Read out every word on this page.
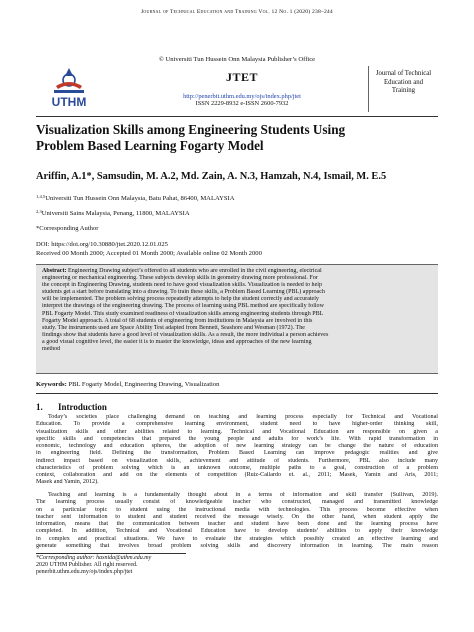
Journal of Technical Education and Training Vol. 12 No. 1 (2020) 238–244
© Universiti Tun Hussein Onn Malaysia Publisher’s Office
UTHM
JTET
http://penerbit.uthm.edu.my/ojs/index.php/jtet
ISSN 2229-8932 e-ISSN 2600-7932
Journal of Technical
Education and
Training
Visualization Skills among Engineering Students Using
Problem Based Learning Fogarty Model
Ariffin, A.1*, Samsudin, M. A.2, Md. Zain, A. N.3, Hamzah, N.4, Ismail, M. E.5
$^{1,4,5}$Universiti Tun Hussein Onn Malaysia, Batu Pahat, 86400, MALAYSIA
$^{2,3}$Universiti Sains Malaysia, Penang, 11800, MALAYSIA
*Corresponding Author
DOI: https://doi.org/10.30880/jtet.2020.12.01.025
Received 00 Month 2000; Accepted 01 Month 2000; Available online 02 Month 2000
Abstract: Engineering Drawing subject’s offered to all students who are enrolled in the civil engineering, electrical
engineering or mechanical engineering. These subjects develop skills in geometry drawing more professional. For
the concept in Engineering Drawing, students need to have good visualization skills. Visualization is needed to help
students get a start before translating into a drawing. To train these skills, a Problem Based Learning (PBL) approach
will be implemented. The problem solving process repeatedly attempts to help the student correctly and accurately
interpret the drawings of the engineering drawing. The process of learning using PBL method are specifically follow
PBL Fogarty Model. This study examined readiness of visualization skills among engineering students through PBL
Fogarty Model approach. A total of 68 students of engineering from institutions in Malaysia are involved in this
study. The instruments used are Space Ability Test adapted from Bennett, Seashore and Wesman (1972). The
findings show that students have a good level of visualization skills. As a result, the more individual a person achieves
a good visual cognitive level, the easier it is to master the knowledge, ideas and approaches of the new learning
method
Keywords: PBL Fogarty Model, Engineering Drawing, Visualization
1. Introduction
Today’s societies place challenging demand on teaching and learning process especially for Technical and Vocational
Education. To provide a comprehensive learning environment, student need to have higher-order thinking skill,
visualization skills and other abilities related to learning. Technical and Vocational Education are responsible on given a
specific skills and competencies that prepared the young people and adults for work’s life. With rapid transformation in
economic, technology and education spheres, the adoption of new learning strategy can be change the nature of education
in engineering field. Defining the transformation, Problem Based Learning can improve pedagogic realities and give
indirect impact based on visualization skills, achievement and attitude of students. Furthermore, PBL also include many
characteristics of problem solving which is an unknown outcome, multiple paths to a goal, construction of a problem
context, collaboration and add on the elements of competition (Ruiz-Callardo et. al., 2011; Masek, Yamin and Aris, 2011;
Masek and Yamin, 2012).
Teaching and learning is a fundamentally thought about in a terms of information and skill transfer (Sullivan, 2019).
The learning process usually consist of knowledgeable teacher who constructed, managed and transmitted knowledge
on a particular topic to student using the instructional media with technologies. This process become effective when
teacher sent information to student and student received the message wisely. On the other hand, when student apply the
information, means that the communication between teacher and student have been done and the learning process have
completed. In addition, Technical and Vocational Education have to develop students’ abilities to apply their knowledge
in complex and practical situations. We have to evaluate the strategies which possibly created an effective learning and
generate something that involves broad problem solving skills and discovery information in learning. The main reason
*Corresponding author: hasnida@uthm.edu.my
2020 UTHM Publisher. All right reserved.
penerbit.uthm.edu.my/ojs/index.php/jtet
